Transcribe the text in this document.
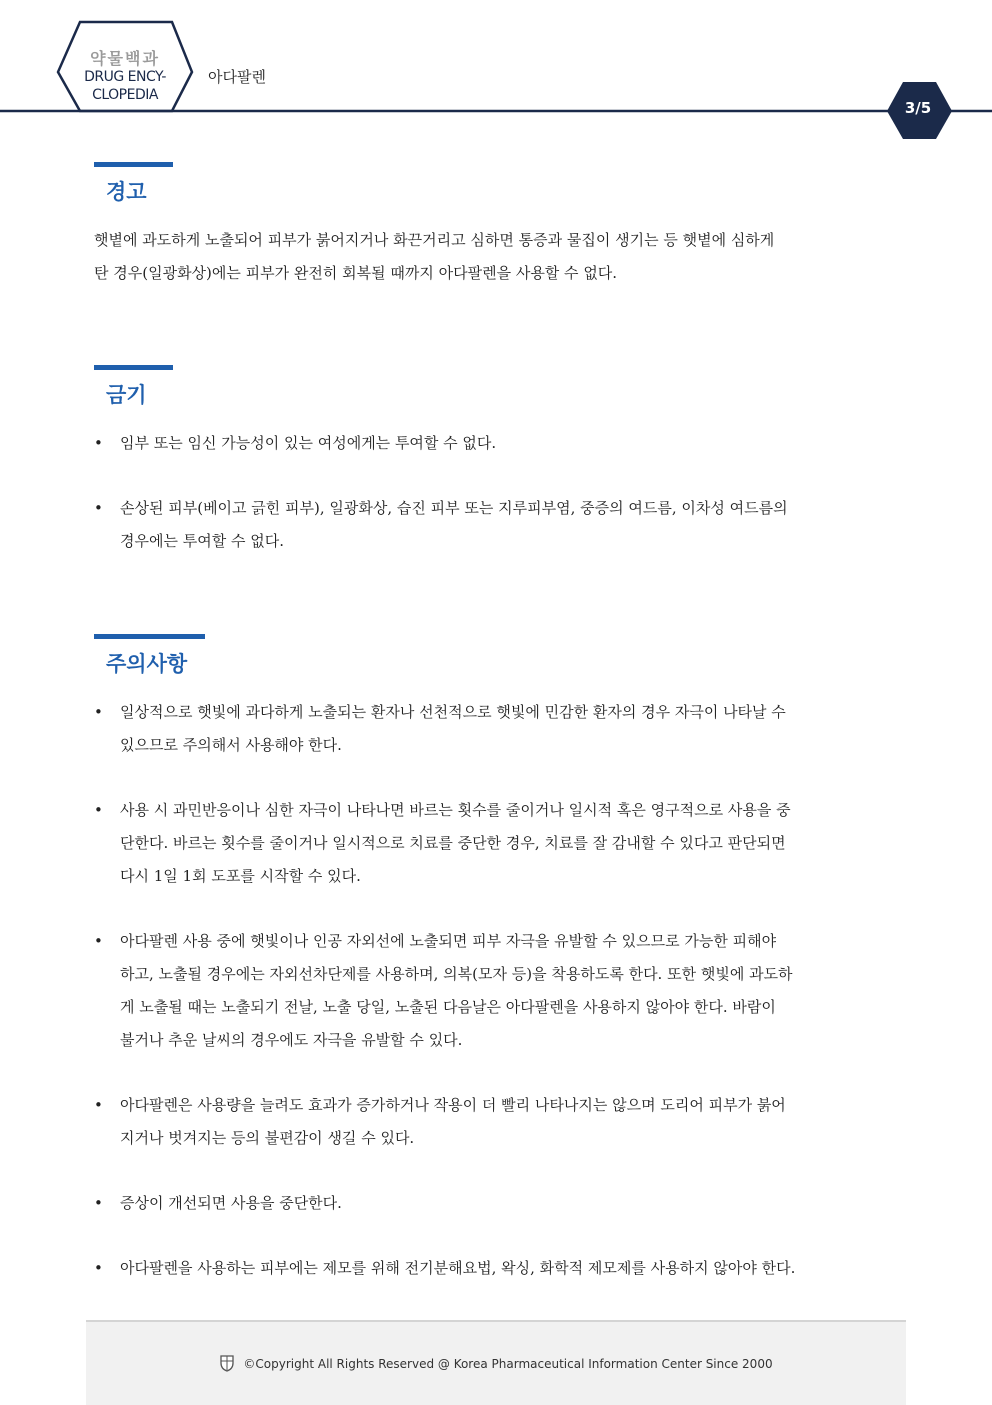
약물백과
DRUG ENCY-
CLOPEDIA
아다팔렌
3/5
경고
햇볕에 과도하게 노출되어 피부가 붉어지거나 화끈거리고 심하면 통증과 물집이 생기는 등 햇볕에 심하게
탄 경우(일광화상)에는 피부가 완전히 회복될 때까지 아다팔렌을 사용할 수 없다.
금기
• 임부 또는 임신 가능성이 있는 여성에게는 투여할 수 없다.
• 손상된 피부(베이고 긁힌 피부), 일광화상, 습진 피부 또는 지루피부염, 중증의 여드름, 이차성 여드름의
경우에는 투여할 수 없다.
주의사항
• 일상적으로 햇빛에 과다하게 노출되는 환자나 선천적으로 햇빛에 민감한 환자의 경우 자극이 나타날 수
있으므로 주의해서 사용해야 한다.
• 사용 시 과민반응이나 심한 자극이 나타나면 바르는 횟수를 줄이거나 일시적 혹은 영구적으로 사용을 중
단한다. 바르는 횟수를 줄이거나 일시적으로 치료를 중단한 경우, 치료를 잘 감내할 수 있다고 판단되면
다시 1일 1회 도포를 시작할 수 있다.
• 아다팔렌 사용 중에 햇빛이나 인공 자외선에 노출되면 피부 자극을 유발할 수 있으므로 가능한 피해야
하고, 노출될 경우에는 자외선차단제를 사용하며, 의복(모자 등)을 착용하도록 한다. 또한 햇빛에 과도하
게 노출될 때는 노출되기 전날, 노출 당일, 노출된 다음날은 아다팔렌을 사용하지 않아야 한다. 바람이
불거나 추운 날씨의 경우에도 자극을 유발할 수 있다.
• 아다팔렌은 사용량을 늘려도 효과가 증가하거나 작용이 더 빨리 나타나지는 않으며 도리어 피부가 붉어
지거나 벗겨지는 등의 불편감이 생길 수 있다.
• 증상이 개선되면 사용을 중단한다.
• 아다팔렌을 사용하는 피부에는 제모를 위해 전기분해요법, 왁싱, 화학적 제모제를 사용하지 않아야 한다.
©Copyright All Rights Reserved @ Korea Pharmaceutical Information Center Since 2000
